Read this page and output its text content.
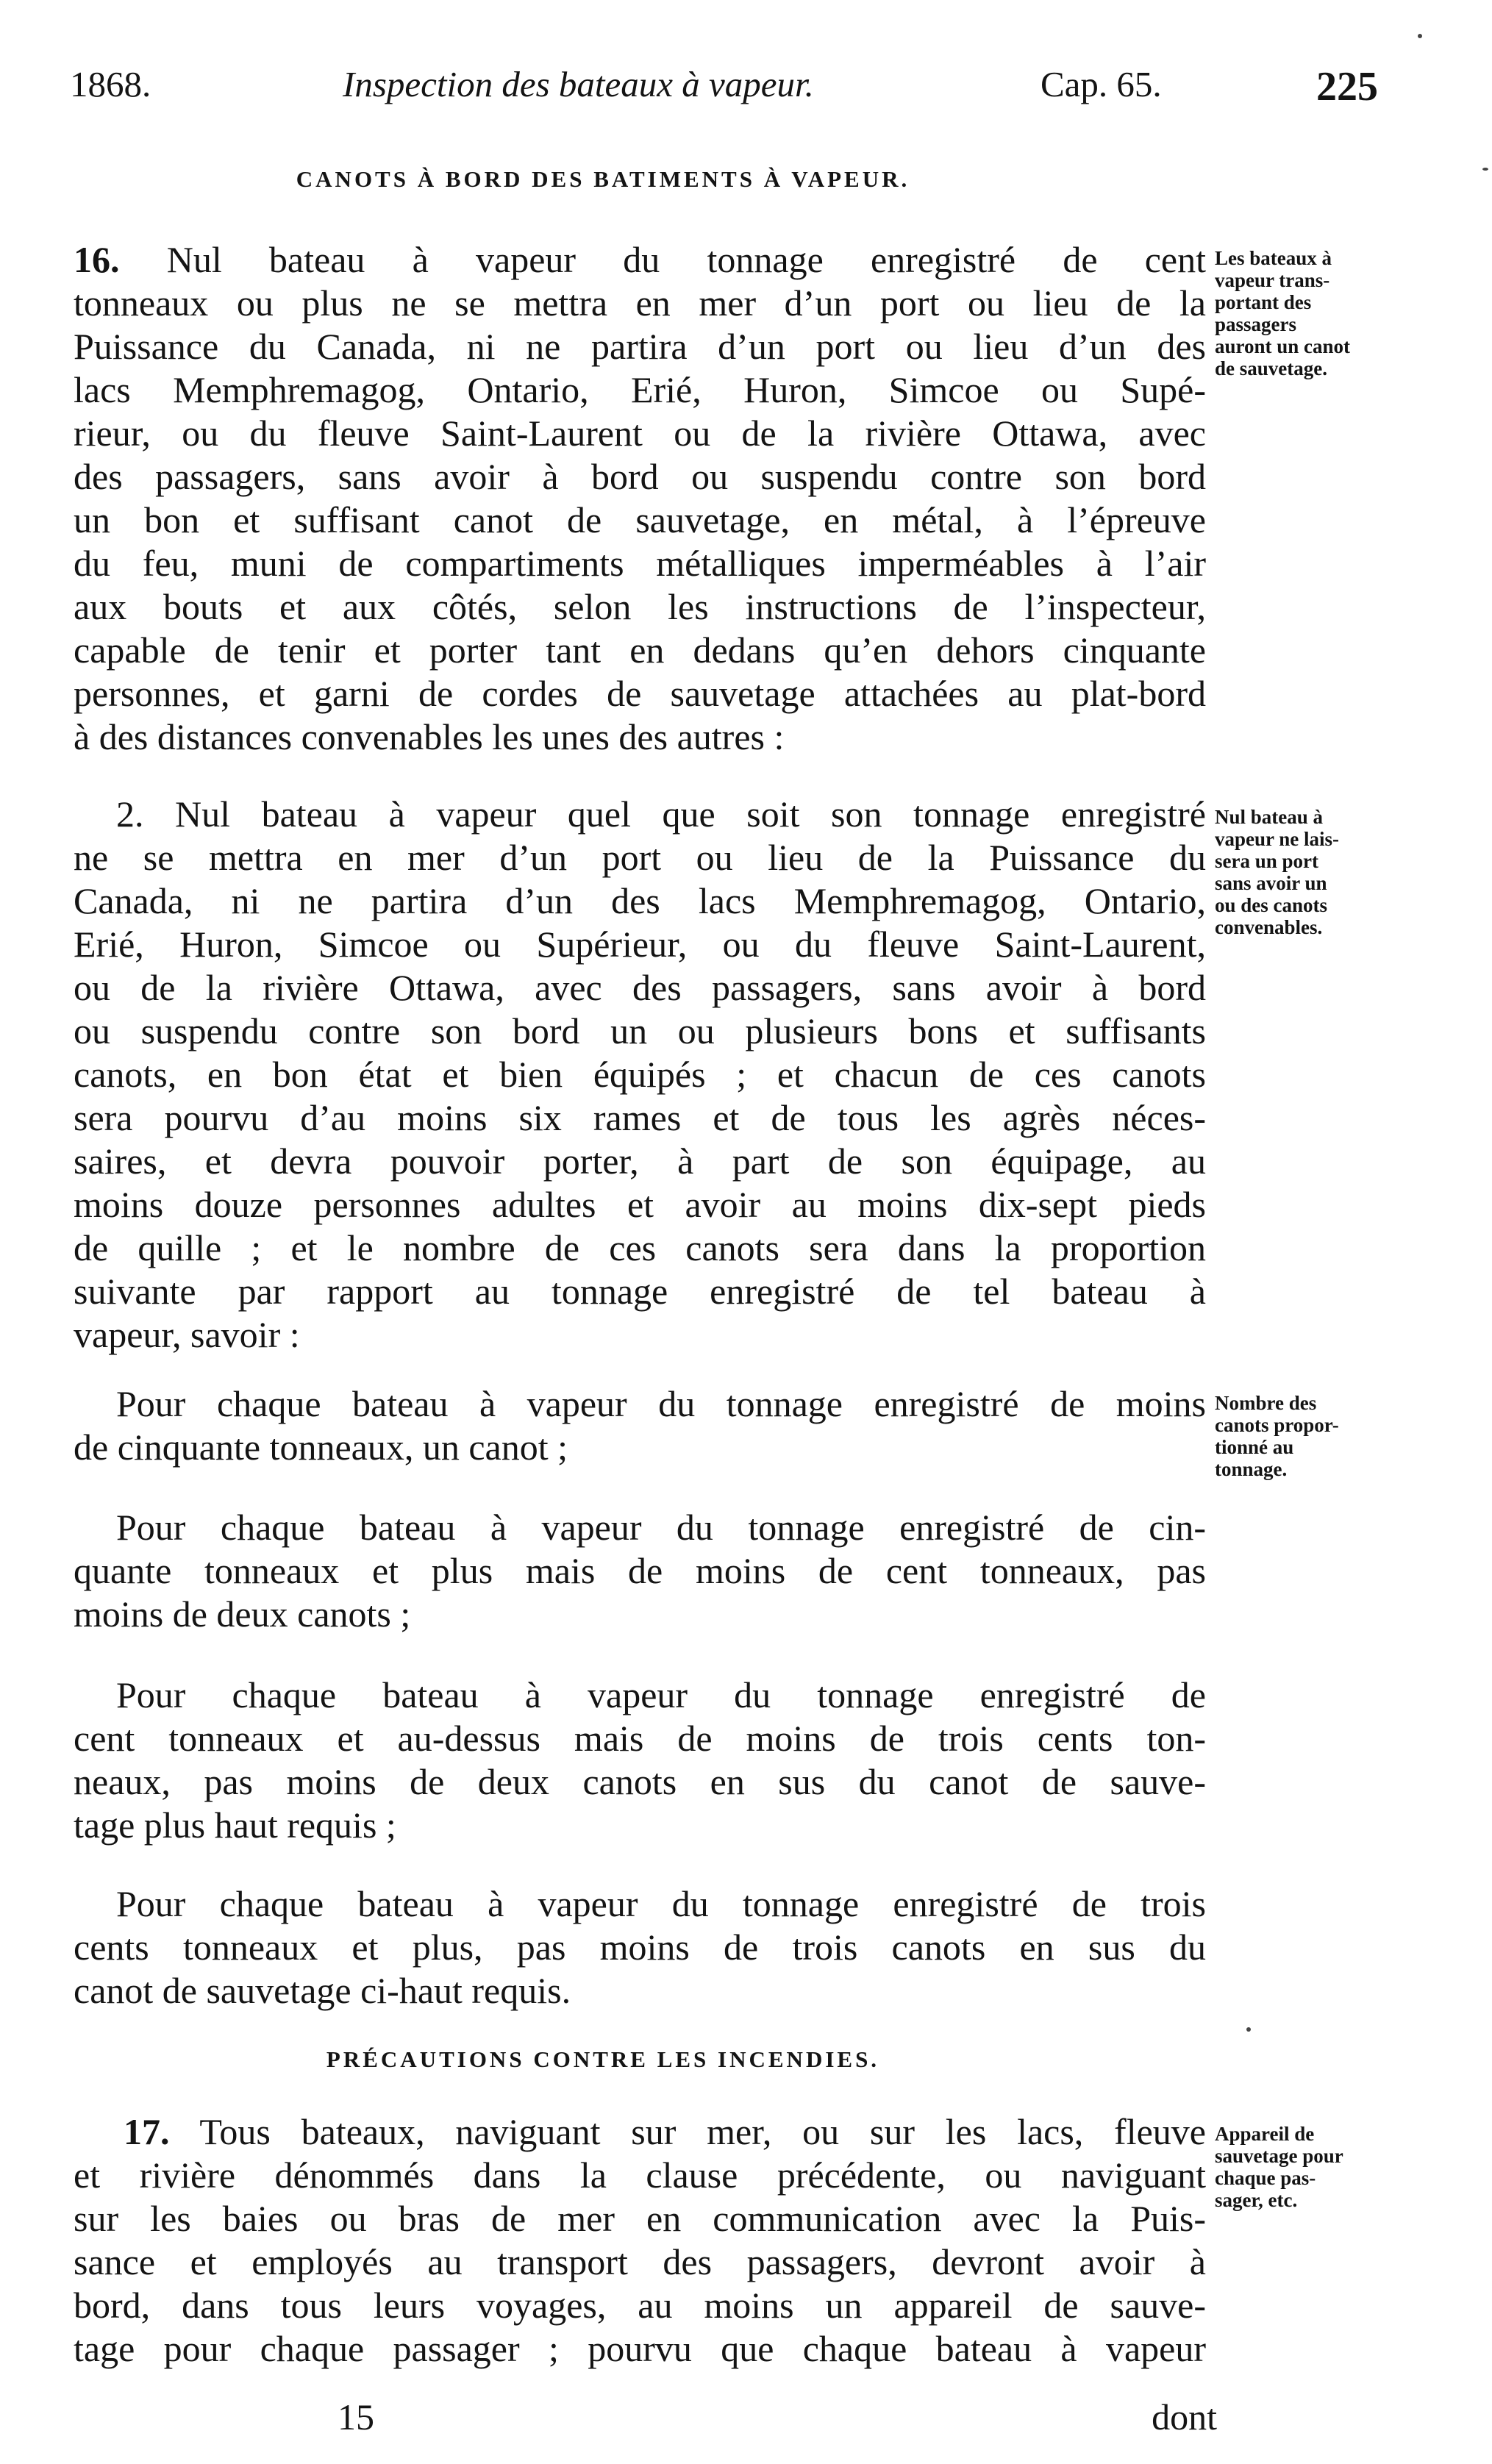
1868.	Inspection des bateaux à vapeur.	Cap. 65.	225
CANOTS À BORD DES BATIMENTS À VAPEUR.
16. Nul bateau à vapeur du tonnage enregistré de cent
tonneaux ou plus ne se mettra en mer d’un port ou lieu de la
Puissance du Canada, ni ne partira d’un port ou lieu d’un des
lacs Memphremagog, Ontario, Erié, Huron, Simcoe ou Supé-
rieur, ou du fleuve Saint-Laurent ou de la rivière Ottawa, avec
des passagers, sans avoir à bord ou suspendu contre son bord
un bon et suffisant canot de sauvetage, en métal, à l’épreuve
du feu, muni de compartiments métalliques imperméables à l’air
aux bouts et aux côtés, selon les instructions de l’inspecteur,
capable de tenir et porter tant en dedans qu’en dehors cinquante
personnes, et garni de cordes de sauvetage attachées au plat-bord
à des distances convenables les unes des autres :
Les bateaux à
vapeur trans-
portant des
passagers
auront un canot
de sauvetage.
2. Nul bateau à vapeur quel que soit son tonnage enregistré
ne se mettra en mer d’un port ou lieu de la Puissance du
Canada, ni ne partira d’un des lacs Memphremagog, Ontario,
Erié, Huron, Simcoe ou Supérieur, ou du fleuve Saint-Laurent,
ou de la rivière Ottawa, avec des passagers, sans avoir à bord
ou suspendu contre son bord un ou plusieurs bons et suffisants
canots, en bon état et bien équipés ; et chacun de ces canots
sera pourvu d’au moins six rames et de tous les agrès néces-
saires, et devra pouvoir porter, à part de son équipage, au
moins douze personnes adultes et avoir au moins dix-sept pieds
de quille ; et le nombre de ces canots sera dans la proportion
suivante par rapport au tonnage enregistré de tel bateau à
vapeur, savoir :
Nul bateau à
vapeur ne lais-
sera un port
sans avoir un
ou des canots
convenables.
Pour chaque bateau à vapeur du tonnage enregistré de moins
de cinquante tonneaux, un canot ;
Nombre des
canots propor-
tionné au
tonnage.
Pour chaque bateau à vapeur du tonnage enregistré de cin-
quante tonneaux et plus mais de moins de cent tonneaux, pas
moins de deux canots ;
Pour chaque bateau à vapeur du tonnage enregistré de
cent tonneaux et au-dessus mais de moins de trois cents ton-
neaux, pas moins de deux canots en sus du canot de sauve-
tage plus haut requis ;
Pour chaque bateau à vapeur du tonnage enregistré de trois
cents tonneaux et plus, pas moins de trois canots en sus du
canot de sauvetage ci-haut requis.
PRÉCAUTIONS CONTRE LES INCENDIES.
17. Tous bateaux, naviguant sur mer, ou sur les lacs, fleuve
et rivière dénommés dans la clause précédente, ou naviguant
sur les baies ou bras de mer en communication avec la Puis-
sance et employés au transport des passagers, devront avoir à
bord, dans tous leurs voyages, au moins un appareil de sauve-
tage pour chaque passager ; pourvu que chaque bateau à vapeur
Appareil de
sauvetage pour
chaque pas-
sager, etc.
15	dont
